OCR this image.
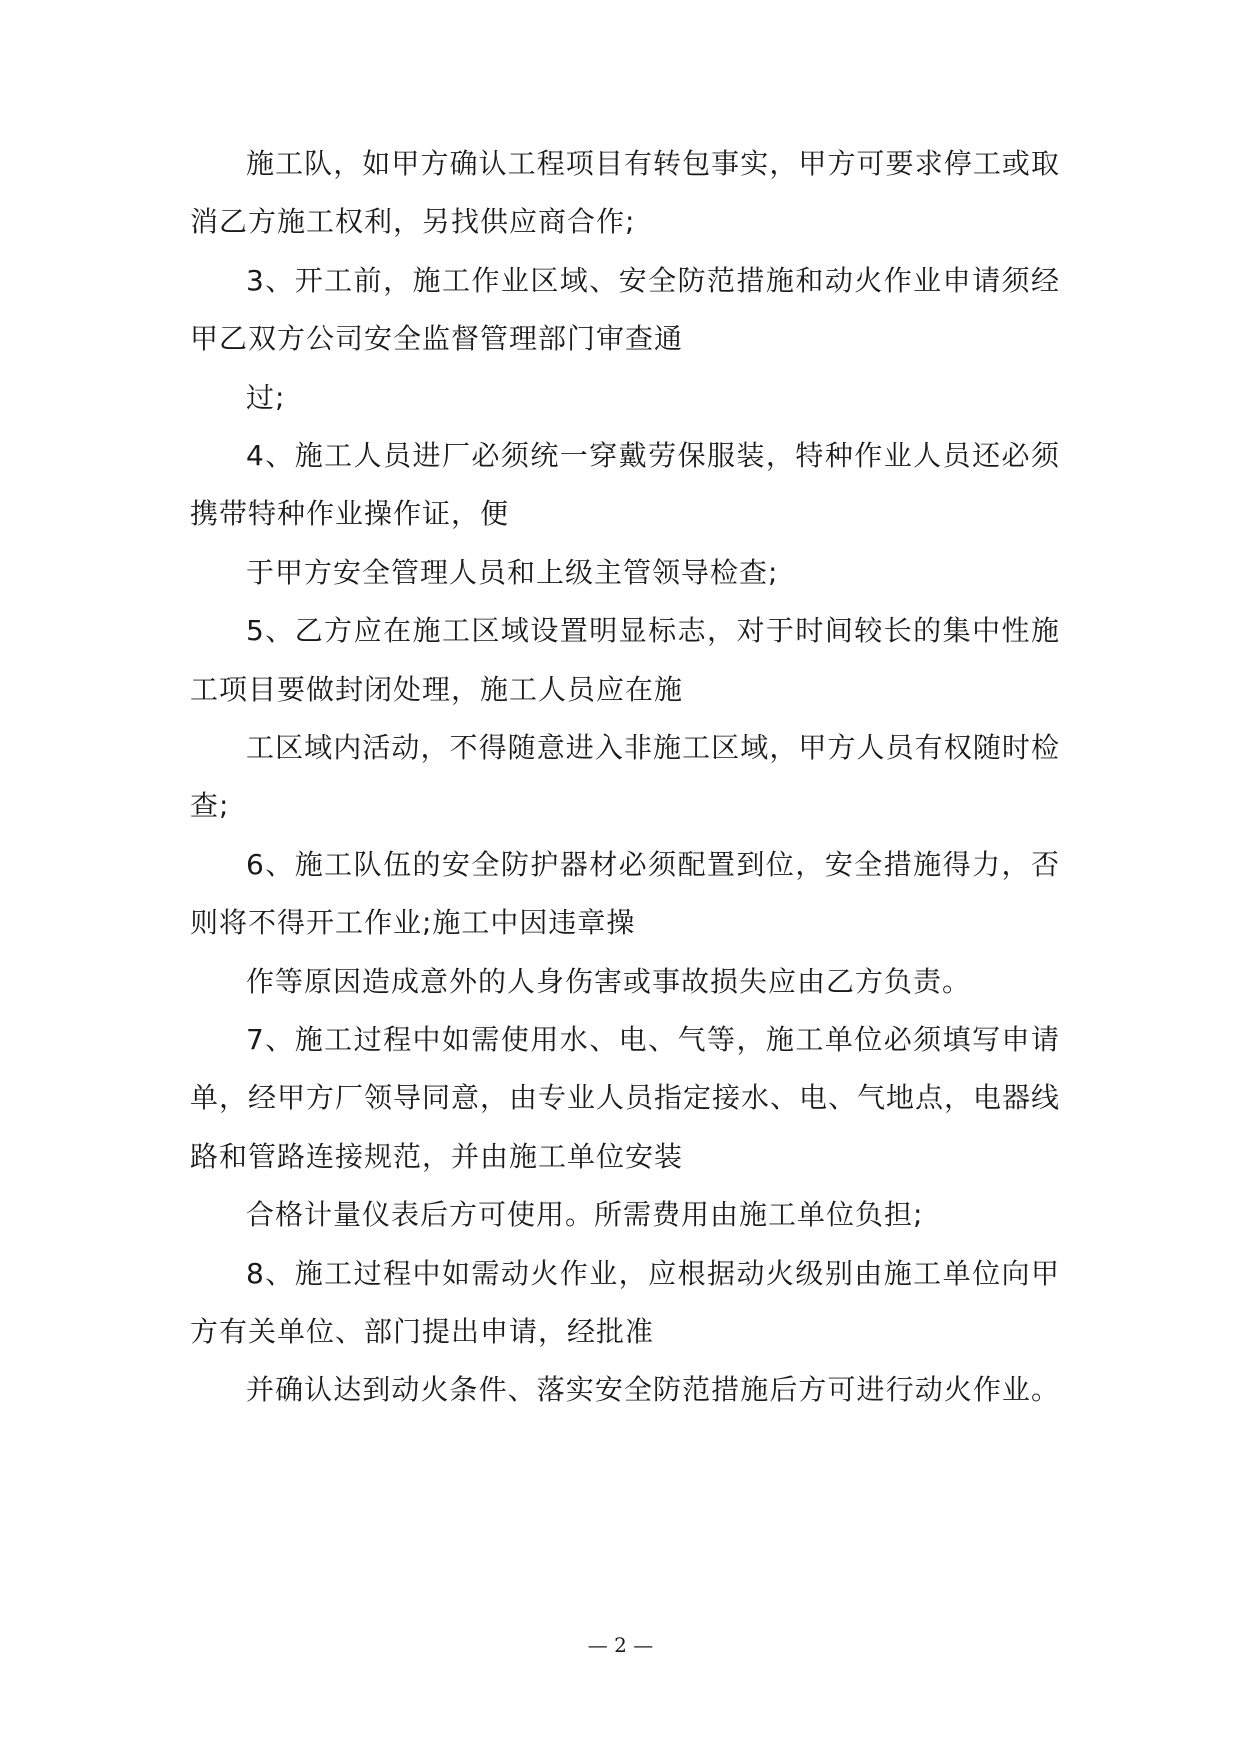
施工队，如甲方确认工程项目有转包事实，甲方可要求停工或取
消乙方施工权利，另找供应商合作;
3、开工前，施工作业区域、安全防范措施和动火作业申请须经
甲乙双方公司安全监督管理部门审查通
过;
4、施工人员进厂必须统一穿戴劳保服装，特种作业人员还必须
携带特种作业操作证，便
于甲方安全管理人员和上级主管领导检查;
5、乙方应在施工区域设置明显标志，对于时间较长的集中性施
工项目要做封闭处理，施工人员应在施
工区域内活动，不得随意进入非施工区域，甲方人员有权随时检
查;
6、施工队伍的安全防护器材必须配置到位，安全措施得力，否
则将不得开工作业;施工中因违章操
作等原因造成意外的人身伤害或事故损失应由乙方负责。
7、施工过程中如需使用水、电、气等，施工单位必须填写申请
单，经甲方厂领导同意，由专业人员指定接水、电、气地点，电器线
路和管路连接规范，并由施工单位安装
合格计量仪表后方可使用。所需费用由施工单位负担;
8、施工过程中如需动火作业，应根据动火级别由施工单位向甲
方有关单位、部门提出申请，经批准
并确认达到动火条件、落实安全防范措施后方可进行动火作业。
— 2 —
